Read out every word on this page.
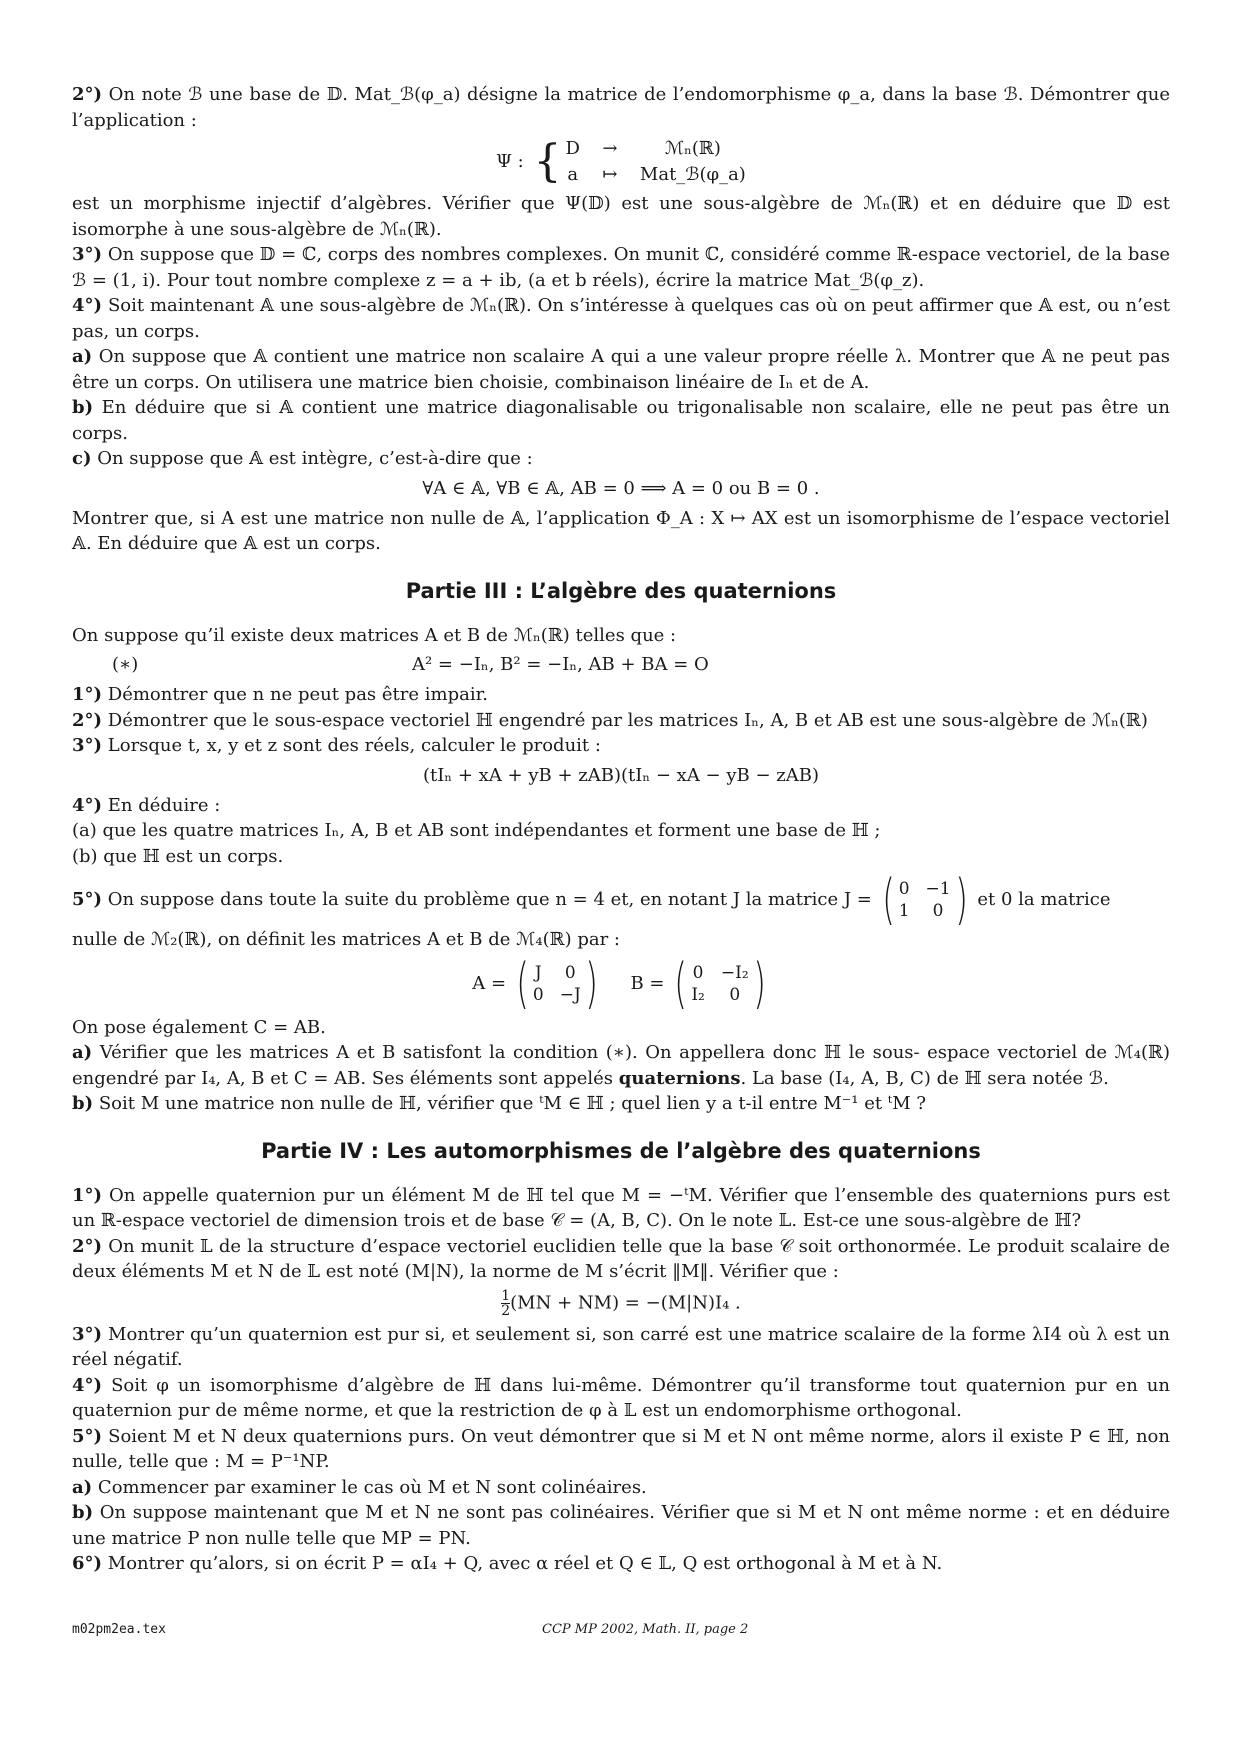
2°) On note ℬ une base de 𝔻. Mat_ℬ(φ_a) désigne la matrice de l’endomorphisme φ_a, dans la base ℬ. Démontrer que l’application :

Ψ : { D	→	ℳₙ(ℝ)
a	↦	Mat_ℬ(φ_a)

est un morphisme injectif d’algèbres. Vérifier que Ψ(𝔻) est une sous-algèbre de ℳₙ(ℝ) et en déduire que 𝔻 est isomorphe à une sous-algèbre de ℳₙ(ℝ).

3°) On suppose que 𝔻 = ℂ, corps des nombres complexes. On munit ℂ, considéré comme ℝ-espace vectoriel, de la base ℬ = (1, i). Pour tout nombre complexe z = a + ib, (a et b réels), écrire la matrice Mat_ℬ(φ_z).

4°) Soit maintenant 𝔸 une sous-algèbre de ℳₙ(ℝ). On s’intéresse à quelques cas où on peut affirmer que 𝔸 est, ou n’est pas, un corps.

a) On suppose que 𝔸 contient une matrice non scalaire A qui a une valeur propre réelle λ. Montrer que 𝔸 ne peut pas être un corps. On utilisera une matrice bien choisie, combinaison linéaire de Iₙ et de A.

b) En déduire que si 𝔸 contient une matrice diagonalisable ou trigonalisable non scalaire, elle ne peut pas être un corps.

c) On suppose que 𝔸 est intègre, c’est-à-dire que :

∀A ∈ 𝔸, ∀B ∈ 𝔸, AB = 0 ⟹ A = 0 ou B = 0 .

Montrer que, si A est une matrice non nulle de 𝔸, l’application Φ_A : X ↦ AX est un isomorphisme de l’espace vectoriel 𝔸. En déduire que 𝔸 est un corps.

Partie III : L’algèbre des quaternions

On suppose qu’il existe deux matrices A et B de ℳₙ(ℝ) telles que :

(∗)	A² = −Iₙ, B² = −Iₙ, AB + BA = O

1°) Démontrer que n ne peut pas être impair.

2°) Démontrer que le sous-espace vectoriel ℍ engendré par les matrices Iₙ, A, B et AB est une sous-algèbre de ℳₙ(ℝ)

3°) Lorsque t, x, y et z sont des réels, calculer le produit :

(tIₙ + xA + yB + zAB)(tIₙ − xA − yB − zAB)

4°) En déduire :

(a) que les quatre matrices Iₙ, A, B et AB sont indépendantes et forment une base de ℍ ;

(b) que ℍ est un corps.

5°) On suppose dans toute la suite du problème que n = 4 et, en notant J la matrice J = ( 0 −1
1	0 ) et 0 la matrice

nulle de ℳ₂(ℝ), on définit les matrices A et B de ℳ₄(ℝ) par :

A = ( J	0
0 −J ) B = ( 0 −I₂
I₂	0 )

On pose également C = AB.

a) Vérifier que les matrices A et B satisfont la condition (∗). On appellera donc ℍ le sous- espace vectoriel de ℳ₄(ℝ) engendré par I₄, A, B et C = AB. Ses éléments sont appelés quaternions. La base (I₄, A, B, C) de ℍ sera notée ℬ.

b) Soit M une matrice non nulle de ℍ, vérifier que ᵗM ∈ ℍ ; quel lien y a t-il entre M⁻¹ et ᵗM ?

Partie IV : Les automorphismes de l’algèbre des quaternions

1°) On appelle quaternion pur un élément M de ℍ tel que M = −ᵗM. Vérifier que l’ensemble des quaternions purs est un ℝ-espace vectoriel de dimension trois et de base 𝒞 = (A, B, C). On le note 𝕃. Est-ce une sous-algèbre de ℍ?

2°) On munit 𝕃 de la structure d’espace vectoriel euclidien telle que la base 𝒞 soit orthonormée. Le produit scalaire de deux éléments M et N de 𝕃 est noté (M|N), la norme de M s’écrit ‖M‖. Vérifier que :

$\frac{1}{2} (MN + NM) = -(M|N)I_4$ .

3°) Montrer qu’un quaternion est pur si, et seulement si, son carré est une matrice scalaire de la forme λI4 où λ est un réel négatif.

4°) Soit φ un isomorphisme d’algèbre de ℍ dans lui-même. Démontrer qu’il transforme tout quaternion pur en un quaternion pur de même norme, et que la restriction de φ à 𝕃 est un endomorphisme orthogonal.

5°) Soient M et N deux quaternions purs. On veut démontrer que si M et N ont même norme, alors il existe P ∈ ℍ, non nulle, telle que : M = P⁻¹NP.

a) Commencer par examiner le cas où M et N sont colinéaires.

b) On suppose maintenant que M et N ne sont pas colinéaires. Vérifier que si M et N ont même norme : et en déduire une matrice P non nulle telle que MP = PN.

6°) Montrer qu’alors, si on écrit P = αI₄ + Q, avec α réel et Q ∈ 𝕃, Q est orthogonal à M et à N.

m02pm2ea.tex	CCP MP 2002, Math. II, page 2
